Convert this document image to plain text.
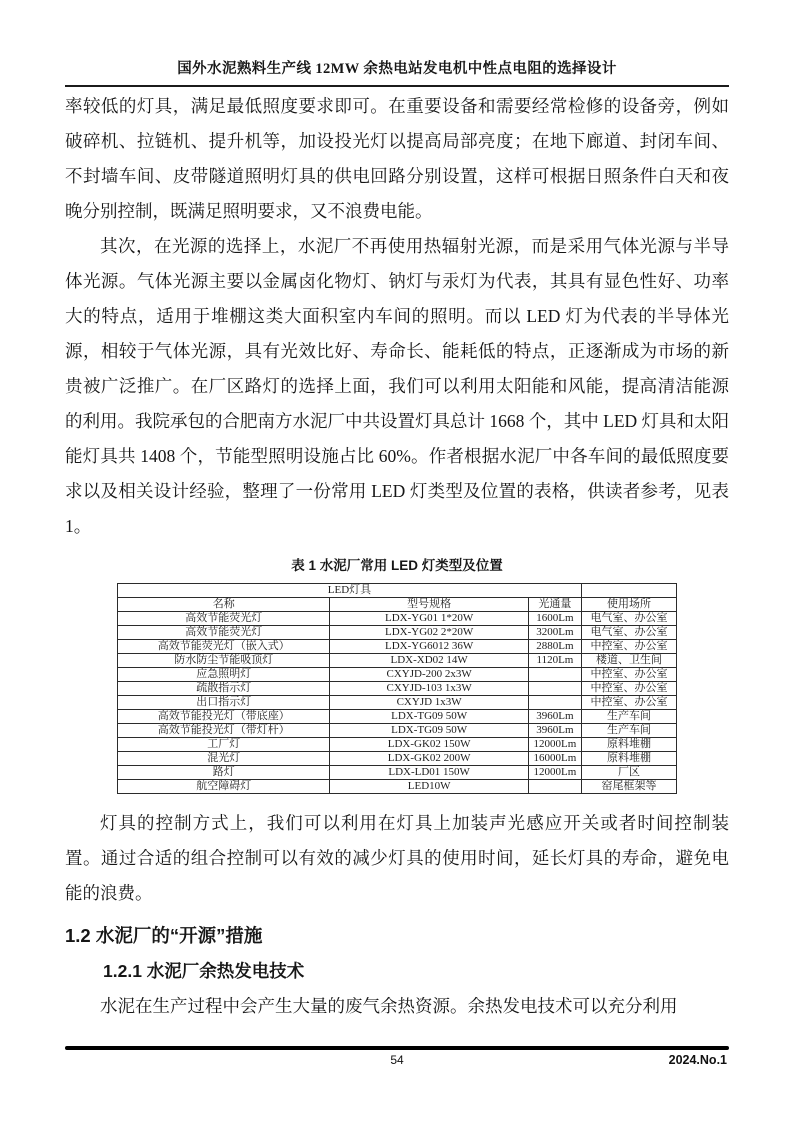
国外水泥熟料生产线 12MW 余热电站发电机中性点电阻的选择设计

率较低的灯具，满足最低照度要求即可。在重要设备和需要经常检修的设备旁，例如破碎机、拉链机、提升机等，加设投光灯以提高局部亮度；在地下廊道、封闭车间、不封墙车间、皮带隧道照明灯具的供电回路分别设置，这样可根据日照条件白天和夜晚分别控制，既满足照明要求，又不浪费电能。

其次，在光源的选择上，水泥厂不再使用热辐射光源，而是采用气体光源与半导体光源。气体光源主要以金属卤化物灯、钠灯与汞灯为代表，其具有显色性好、功率大的特点，适用于堆棚这类大面积室内车间的照明。而以 LED 灯为代表的半导体光源，相较于气体光源，具有光效比好、寿命长、能耗低的特点，正逐渐成为市场的新贵被广泛推广。在厂区路灯的选择上面，我们可以利用太阳能和风能，提高清洁能源的利用。我院承包的合肥南方水泥厂中共设置灯具总计 1668 个，其中 LED 灯具和太阳能灯具共 1408 个，节能型照明设施占比 60%。作者根据水泥厂中各车间的最低照度要求以及相关设计经验，整理了一份常用 LED 灯类型及位置的表格，供读者参考，见表 1。

表 1 水泥厂常用 LED 灯类型及位置
LED灯具			
名称	型号规格	光通量	使用场所
高效节能荧光灯	LDX-YG01 1*20W	1600Lm	电气室、办公室
高效节能荧光灯	LDX-YG02 2*20W	3200Lm	电气室、办公室
高效节能荧光灯（嵌入式）	LDX-YG6012 36W	2880Lm	中控室、办公室
防水防尘节能吸顶灯	LDX-XD02 14W	1120Lm	楼道、卫生间
应急照明灯	CXYJD-200 2x3W		中控室、办公室
疏散指示灯	CXYJD-103 1x3W		中控室、办公室
出口指示灯	CXYJD 1x3W		中控室、办公室
高效节能投光灯（带底座）	LDX-TG09 50W	3960Lm	生产车间
高效节能投光灯（带灯杆）	LDX-TG09 50W	3960Lm	生产车间
工厂灯	LDX-GK02 150W	12000Lm	原料堆棚
混光灯	LDX-GK02 200W	16000Lm	原料堆棚
路灯	LDX-LD01 150W	12000Lm	厂区
航空障碍灯	LED10W		窑尾框架等

灯具的控制方式上，我们可以利用在灯具上加装声光感应开关或者时间控制装置。通过合适的组合控制可以有效的减少灯具的使用时间，延长灯具的寿命，避免电能的浪费。

1.2 水泥厂的“开源”措施
1.2.1 水泥厂余热发电技术

水泥在生产过程中会产生大量的废气余热资源。余热发电技术可以充分利用

54	2024.No.1
